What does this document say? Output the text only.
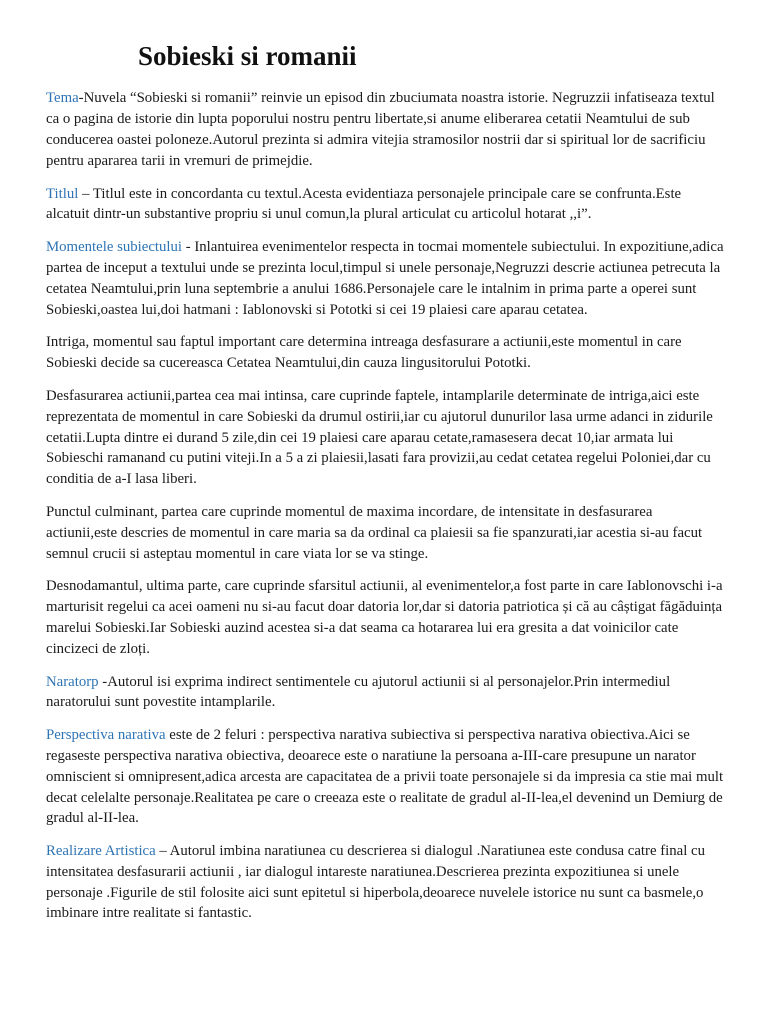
Sobieski si romanii

Tema-Nuvela “Sobieski si romanii” reinvie un episod din zbuciumata noastra istorie. Negruzzii infatiseaza textul ca o pagina de istorie din lupta poporului nostru pentru libertate,si anume eliberarea cetatii Neamtului de sub conducerea oastei poloneze.Autorul prezinta si admira vitejia stramosilor nostrii dar si spiritual lor de sacrificiu pentru apararea tarii in vremuri de primejdie.

Titlul – Titlul este in concordanta cu textul.Acesta evidentiaza personajele principale care se confrunta.Este alcatuit dintr-un substantive propriu si unul comun,la plural articulat cu articolul hotarat ,,i”.

Momentele subiectului - Inlantuirea evenimentelor respecta in tocmai momentele subiectului. In expozitiune,adica partea de inceput a textului unde se prezinta locul,timpul si unele personaje,Negruzzi descrie actiunea petrecuta la cetatea Neamtului,prin luna septembrie a anului 1686.Personajele care le intalnim in prima parte a operei sunt Sobieski,oastea lui,doi hatmani : Iablonovski si Pototki si cei 19 plaiesi care aparau cetatea.

Intriga, momentul sau faptul important care determina intreaga desfasurare a actiunii,este momentul in care Sobieski decide sa cucereasca Cetatea Neamtului,din cauza lingusitorului Pototki.

Desfasurarea actiunii,partea cea mai intinsa, care cuprinde faptele, intamplarile determinate de intriga,aici este reprezentata de momentul in care Sobieski da drumul ostirii,iar cu ajutorul dunurilor lasa urme adanci in zidurile cetatii.Lupta dintre ei durand 5 zile,din cei 19 plaiesi care aparau cetate,ramasesera decat 10,iar armata lui Sobieschi ramanand cu putini viteji.In a 5 a zi plaiesii,lasati fara provizii,au cedat cetatea regelui Poloniei,dar cu conditia de a-I lasa liberi.

Punctul culminant, partea care cuprinde momentul de maxima incordare, de intensitate in desfasurarea actiunii,este descries de momentul in care maria sa da ordinal ca plaiesii sa fie spanzurati,iar acestia si-au facut semnul crucii si asteptau momentul in care viata lor se va stinge.

Desnodamantul, ultima parte, care cuprinde sfarsitul actiunii, al evenimentelor,a fost parte in care Iablonovschi i-a marturisit regelui ca acei oameni nu si-au facut doar datoria lor,dar si datoria patriotica și că au câștigat făgăduința marelui Sobieski.Iar Sobieski auzind acestea si-a dat seama ca hotararea lui era gresita a dat voinicilor cate cincizeci de zloți.

Naratorp -Autorul isi exprima indirect sentimentele cu ajutorul actiunii si al personajelor.Prin intermediul naratorului sunt povestite intamplarile.

Perspectiva narativa este de 2 feluri : perspectiva narativa subiectiva si perspectiva narativa obiectiva.Aici se regaseste perspectiva narativa obiectiva, deoarece este o naratiune la persoana a-III-care presupune un narator omniscient si omnipresent,adica arcesta are capacitatea de a privii toate personajele si da impresia ca stie mai mult decat celelalte personaje.Realitatea pe care o creeaza este o realitate de gradul al-II-lea,el devenind un Demiurg de gradul al-II-lea.

Realizare Artistica – Autorul imbina naratiunea cu descrierea si dialogul .Naratiunea este condusa catre final cu intensitatea desfasurarii actiunii , iar dialogul intareste naratiunea.Descrierea prezinta expozitiunea si unele personaje .Figurile de stil folosite aici sunt epitetul si hiperbola,deoarece nuvelele istorice nu sunt ca basmele,o imbinare intre realitate si fantastic.
